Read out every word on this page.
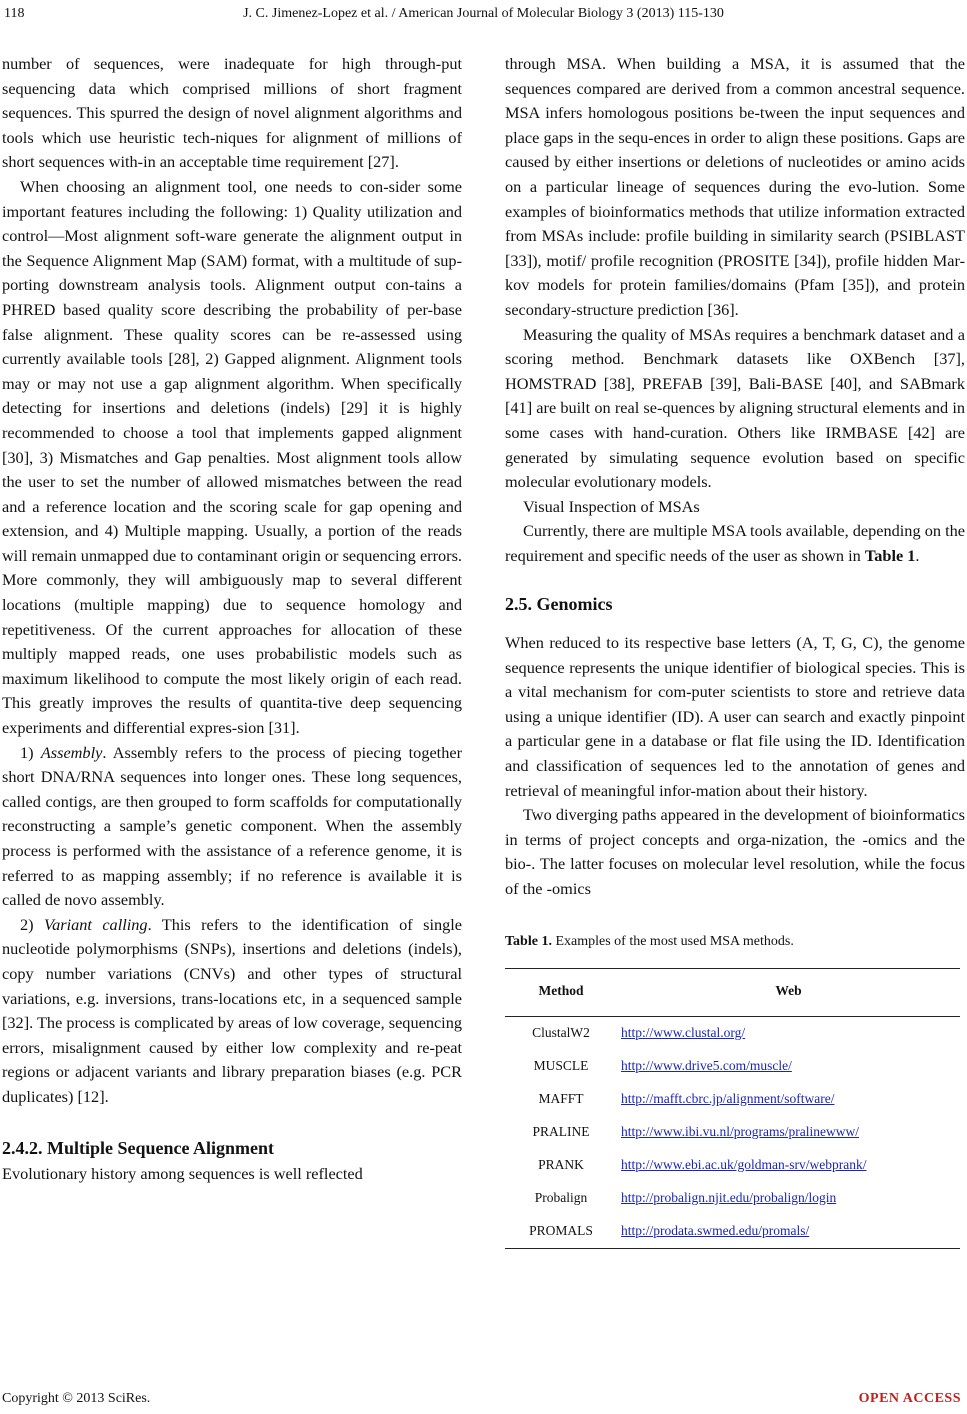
118	J. C. Jimenez-Lopez et al. / American Journal of Molecular Biology 3 (2013) 115-130

number of sequences, were inadequate for high through-put sequencing data which comprised millions of short fragment sequences. This spurred the design of novel alignment algorithms and tools which use heuristic tech-niques for alignment of millions of short sequences with-in an acceptable time requirement [27].

When choosing an alignment tool, one needs to con-sider some important features including the following: 1) Quality utilization and control—Most alignment soft-ware generate the alignment output in the Sequence Alignment Map (SAM) format, with a multitude of sup-porting downstream analysis tools. Alignment output con-tains a PHRED based quality score describing the probability of per-base false alignment. These quality scores can be re-assessed using currently available tools [28], 2) Gapped alignment. Alignment tools may or may not use a gap alignment algorithm. When specifically detecting for insertions and deletions (indels) [29] it is highly recommended to choose a tool that implements gapped alignment [30], 3) Mismatches and Gap penalties. Most alignment tools allow the user to set the number of allowed mismatches between the read and a reference location and the scoring scale for gap opening and extension, and 4) Multiple mapping. Usually, a portion of the reads will remain unmapped due to contaminant origin or sequencing errors. More commonly, they will ambiguously map to several different locations (multiple mapping) due to sequence homology and repetitiveness. Of the current approaches for allocation of these multiply mapped reads, one uses probabilistic models such as maximum likelihood to compute the most likely origin of each read. This greatly improves the results of quantita-tive deep sequencing experiments and differential expres-sion [31].

1) Assembly. Assembly refers to the process of piecing together short DNA/RNA sequences into longer ones. These long sequences, called contigs, are then grouped to form scaffolds for computationally reconstructing a sample’s genetic component. When the assembly process is performed with the assistance of a reference genome, it is referred to as mapping assembly; if no reference is available it is called de novo assembly.

2) Variant calling. This refers to the identification of single nucleotide polymorphisms (SNPs), insertions and deletions (indels), copy number variations (CNVs) and other types of structural variations, e.g. inversions, trans-locations etc, in a sequenced sample [32]. The process is complicated by areas of low coverage, sequencing errors, misalignment caused by either low complexity and re-peat regions or adjacent variants and library preparation biases (e.g. PCR duplicates) [12].

2.4.2. Multiple Sequence Alignment

Evolutionary history among sequences is well reflected

through MSA. When building a MSA, it is assumed that the sequences compared are derived from a common ancestral sequence. MSA infers homologous positions be-tween the input sequences and place gaps in the sequ-ences in order to align these positions. Gaps are caused by either insertions or deletions of nucleotides or amino acids on a particular lineage of sequences during the evo-lution. Some examples of bioinformatics methods that utilize information extracted from MSAs include: profile building in similarity search (PSIBLAST [33]), motif/ profile recognition (PROSITE [34]), profile hidden Mar-kov models for protein families/domains (Pfam [35]), and protein secondary-structure prediction [36].

Measuring the quality of MSAs requires a benchmark dataset and a scoring method. Benchmark datasets like OXBench [37], HOMSTRAD [38], PREFAB [39], Bali-BASE [40], and SABmark [41] are built on real se-quences by aligning structural elements and in some cases with hand-curation. Others like IRMBASE [42] are generated by simulating sequence evolution based on specific molecular evolutionary models.

Visual Inspection of MSAs

Currently, there are multiple MSA tools available, depending on the requirement and specific needs of the user as shown in Table 1.

2.5. Genomics

When reduced to its respective base letters (A, T, G, C), the genome sequence represents the unique identifier of biological species. This is a vital mechanism for com-puter scientists to store and retrieve data using a unique identifier (ID). A user can search and exactly pinpoint a particular gene in a database or flat file using the ID. Identification and classification of sequences led to the annotation of genes and retrieval of meaningful infor-mation about their history.

Two diverging paths appeared in the development of bioinformatics in terms of project concepts and orga-nization, the -omics and the bio-. The latter focuses on molecular level resolution, while the focus of the -omics

Table 1. Examples of the most used MSA methods.
Method	Web
ClustalW2	http://www.clustal.org/
MUSCLE	http://www.drive5.com/muscle/
MAFFT	http://mafft.cbrc.jp/alignment/software/
PRALINE	http://www.ibi.vu.nl/programs/pralinewww/
PRANK	http://www.ebi.ac.uk/goldman-srv/webprank/
Probalign	http://probalign.njit.edu/probalign/login
PROMALS	http://prodata.swmed.edu/promals/
Copyright © 2013 SciRes.	OPEN ACCESS
